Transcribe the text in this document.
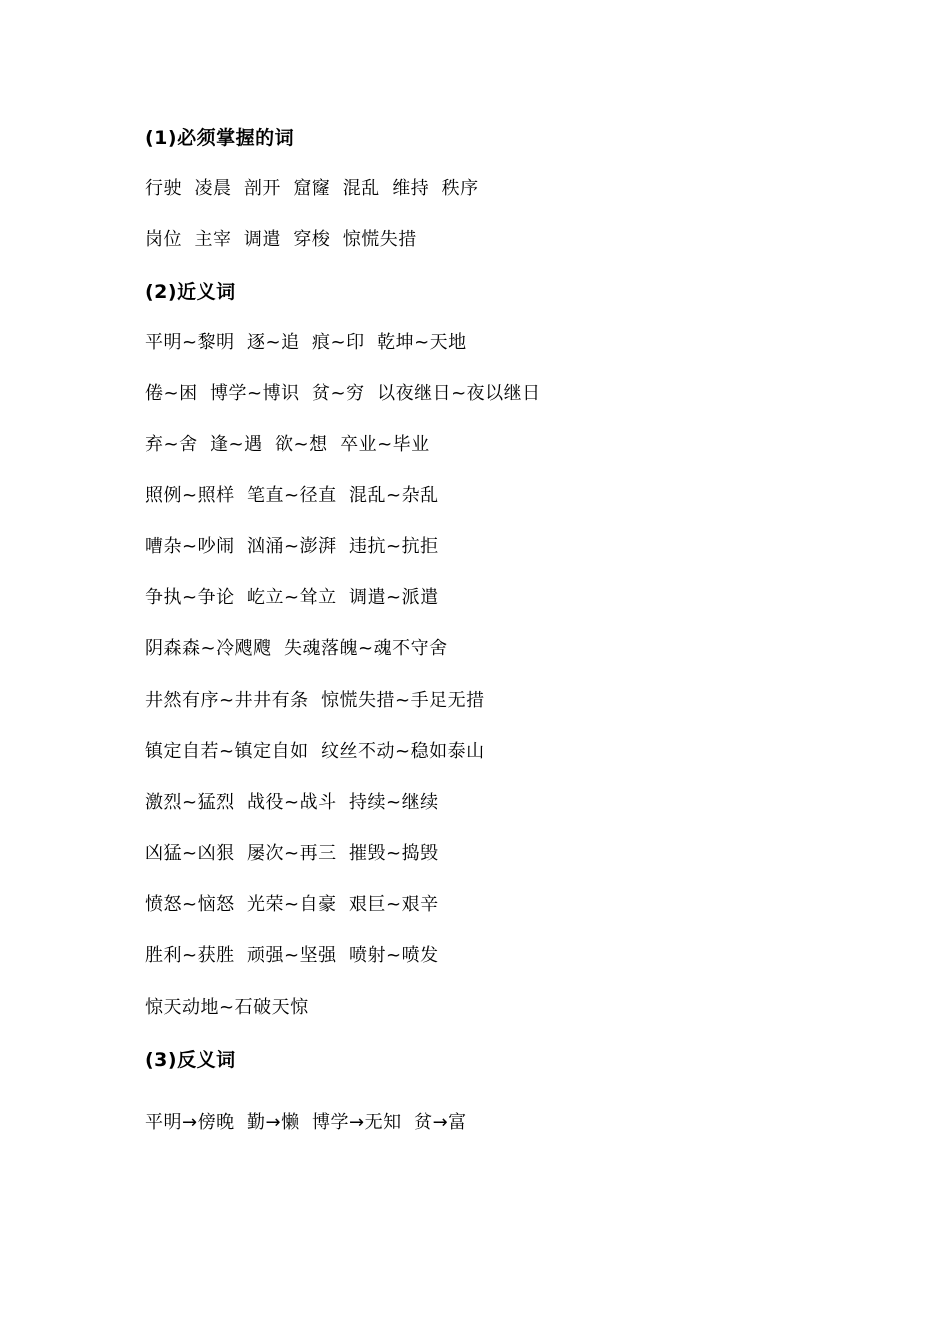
(1)必须掌握的词
行驶  凌晨  剖开  窟窿  混乱  维持  秩序
岗位  主宰  调遣  穿梭  惊慌失措
(2)近义词
平明~黎明  逐~追  痕~印  乾坤~天地
倦~困  博学~博识  贫~穷  以夜继日~夜以继日
弃~舍  逢~遇  欲~想  卒业~毕业
照例~照样  笔直~径直  混乱~杂乱
嘈杂~吵闹  汹涌~澎湃  违抗~抗拒
争执~争论  屹立~耸立  调遣~派遣
阴森森~冷飕飕  失魂落魄~魂不守舍
井然有序~井井有条  惊慌失措~手足无措
镇定自若~镇定自如  纹丝不动~稳如泰山
激烈~猛烈  战役~战斗  持续~继续
凶猛~凶狠  屡次~再三  摧毁~捣毁
愤怒~恼怒  光荣~自豪  艰巨~艰辛
胜利~获胜  顽强~坚强  喷射~喷发
惊天动地~石破天惊
(3)反义词
平明→傍晚  勤→懒  博学→无知  贫→富
